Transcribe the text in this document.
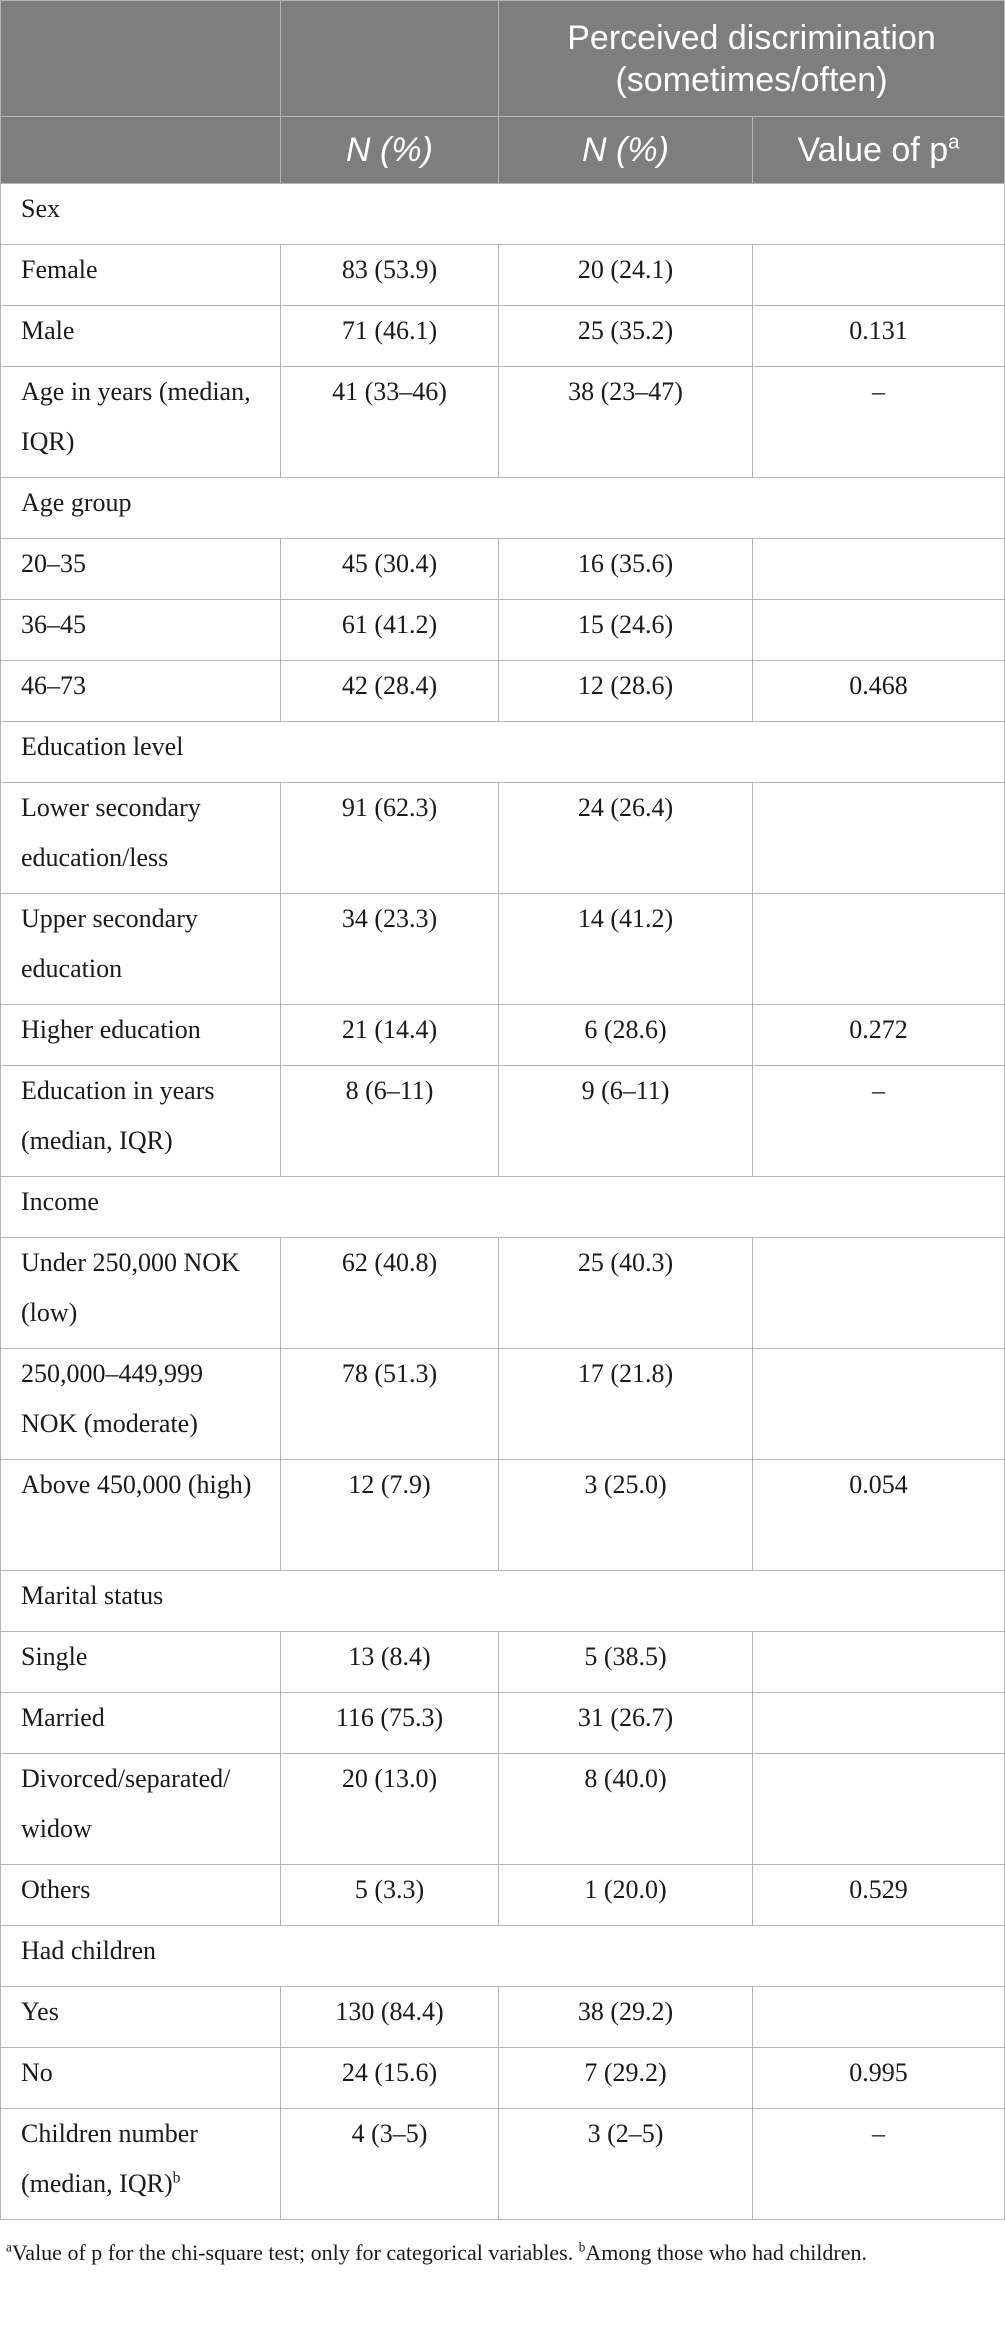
		Perceived discrimination (sometimes/often)	
	N (%)	N (%)	Value of $p^a$
Sex			
Female	83 (53.9)	20 (24.1)	
Male	71 (46.1)	25 (35.2)	0.131
Age in years (median, IQR)	41 (33–46)	38 (23–47)	–
Age group			
20–35	45 (30.4)	16 (35.6)	
36–45	61 (41.2)	15 (24.6)	
46–73	42 (28.4)	12 (28.6)	0.468
Education level			
Lower secondary education/less	91 (62.3)	24 (26.4)	
Upper secondary education	34 (23.3)	14 (41.2)	
Higher education	21 (14.4)	6 (28.6)	0.272
Education in years (median, IQR)	8 (6–11)	9 (6–11)	–
Income			
Under 250,000 NOK (low)	62 (40.8)	25 (40.3)	
250,000–449,999 NOK (moderate)	78 (51.3)	17 (21.8)	
Above 450,000 (high)	12 (7.9)	3 (25.0)	0.054
Marital status			
Single	13 (8.4)	5 (38.5)	
Married	116 (75.3)	31 (26.7)	
Divorced/separated/ widow	20 (13.0)	8 (40.0)	
Others	5 (3.3)	1 (20.0)	0.529
Had children			
Yes	130 (84.4)	38 (29.2)	
No	24 (15.6)	7 (29.2)	0.995
Children number (median, IQR)$^b$	4 (3–5)	3 (2–5)	–
$^a$Value of p for the chi-square test; only for categorical variables. $^b$Among those who had children.
